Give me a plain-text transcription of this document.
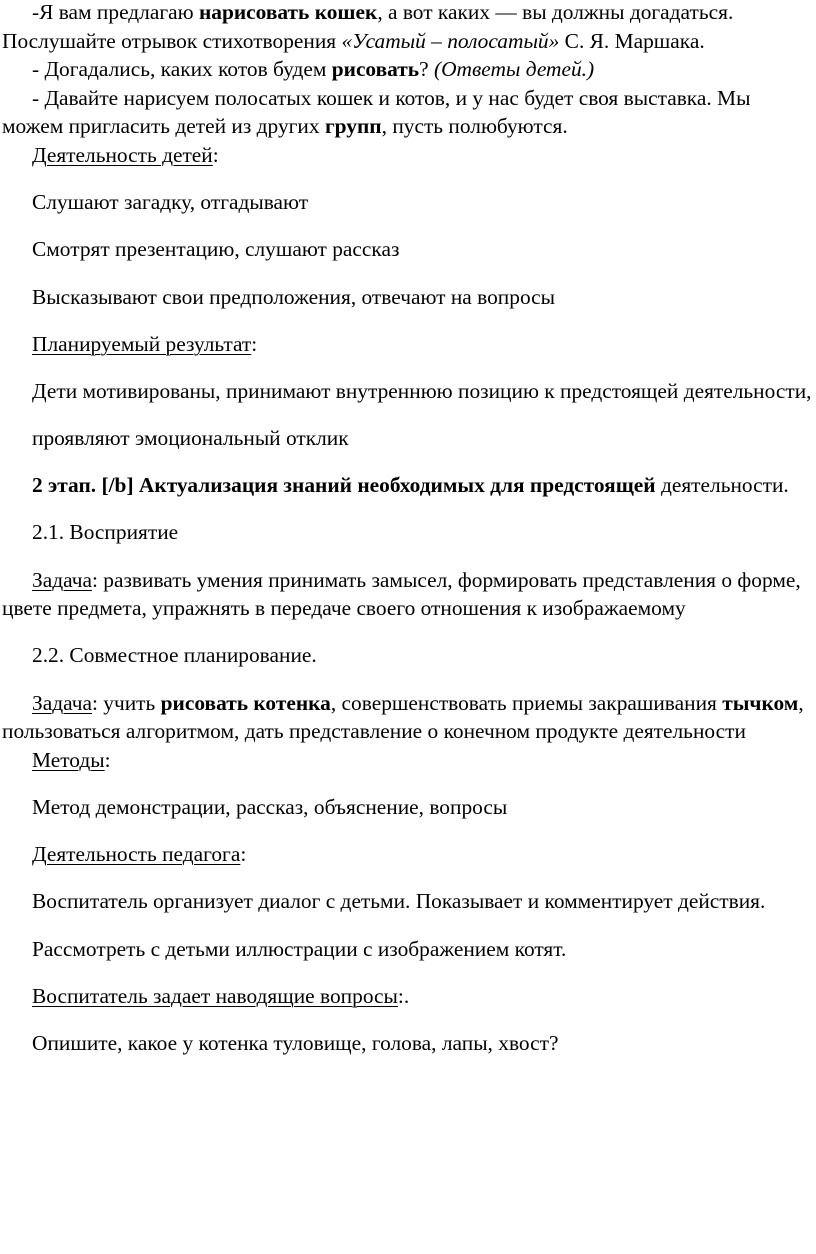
-Я вам предлагаю нарисовать кошек, а вот каких — вы должны догадаться. Послушайте отрывок стихотворения «Усатый – полосатый» С. Я. Маршака.

- Догадались, каких котов будем рисовать? (Ответы детей.)

- Давайте нарисуем полосатых кошек и котов, и у нас будет своя выставка. Мы можем пригласить детей из других групп, пусть полюбуются.

Деятельность детей:

Слушают загадку, отгадывают

Смотрят презентацию, слушают рассказ

Высказывают свои предположения, отвечают на вопросы

Планируемый результат:

Дети мотивированы, принимают внутреннюю позицию к предстоящей деятельности,

проявляют эмоциональный отклик

2 этап. [/b] Актуализация знаний необходимых для предстоящей деятельности.

2.1. Восприятие

Задача: развивать умения принимать замысел, формировать представления о форме, цвете предмета, упражнять в передаче своего отношения к изображаемому

2.2. Совместное планирование.

Задача: учить рисовать котенка, совершенствовать приемы закрашивания тычком, пользоваться алгоритмом, дать представление о конечном продукте деятельности

Методы:

Метод демонстрации, рассказ, объяснение, вопросы

Деятельность педагога:

Воспитатель организует диалог с детьми. Показывает и комментирует действия.

Рассмотреть с детьми иллюстрации с изображением котят.

Воспитатель задает наводящие вопросы:.

Опишите, какое у котенка туловище, голова, лапы, хвост?
